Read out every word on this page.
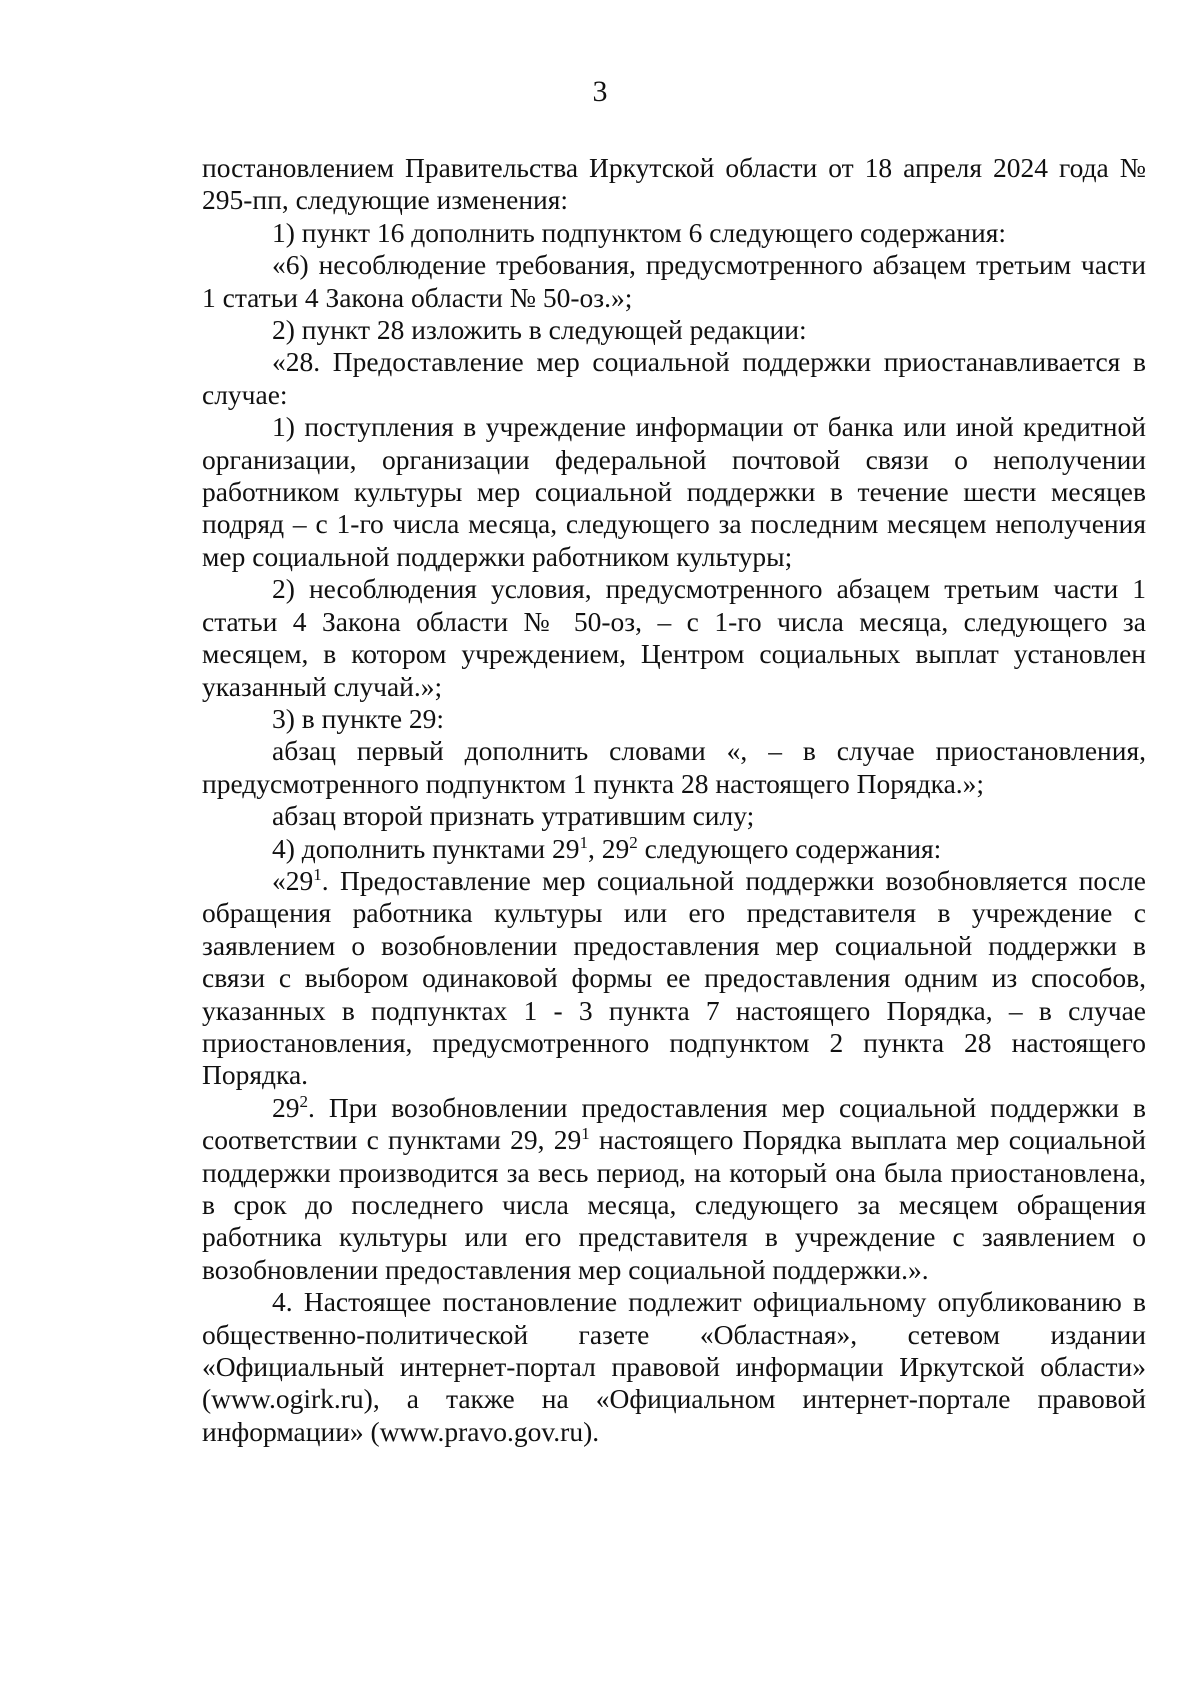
3

постановлением Правительства Иркутской области от 18 апреля 2024 года № 295-пп, следующие изменения:

1) пункт 16 дополнить подпунктом 6 следующего содержания:

«6) несоблюдение требования, предусмотренного абзацем третьим части 1 статьи 4 Закона области № 50-оз.»;

2) пункт 28 изложить в следующей редакции:

«28. Предоставление мер социальной поддержки приостанавливается в случае:

1) поступления в учреждение информации от банка или иной кредитной организации, организации федеральной почтовой связи о неполучении работником культуры мер социальной поддержки в течение шести месяцев подряд – с 1-го числа месяца, следующего за последним месяцем неполучения мер социальной поддержки работником культуры;

2) несоблюдения условия, предусмотренного абзацем третьим части 1 статьи 4 Закона области № 50-оз, – с 1-го числа месяца, следующего за месяцем, в котором учреждением, Центром социальных выплат установлен указанный случай.»;

3) в пункте 29:

абзац первый дополнить словами «, – в случае приостановления, предусмотренного подпунктом 1 пункта 28 настоящего Порядка.»;

абзац второй признать утратившим силу;

4) дополнить пунктами $29^1$, $29^2$ следующего содержания:

«$29^1$. Предоставление мер социальной поддержки возобновляется после обращения работника культуры или его представителя в учреждение с заявлением о возобновлении предоставления мер социальной поддержки в связи с выбором одинаковой формы ее предоставления одним из способов, указанных в подпунктах 1 - 3 пункта 7 настоящего Порядка, – в случае приостановления, предусмотренного подпунктом 2 пункта 28 настоящего Порядка.

$29^2$. При возобновлении предоставления мер социальной поддержки в соответствии с пунктами 29, $29^1$ настоящего Порядка выплата мер социальной поддержки производится за весь период, на который она была приостановлена, в срок до последнего числа месяца, следующего за месяцем обращения работника культуры или его представителя в учреждение с заявлением о возобновлении предоставления мер социальной поддержки.».

4. Настоящее постановление подлежит официальному опубликованию в общественно-политической газете «Областная», сетевом издании «Официальный интернет-портал правовой информации Иркутской области» (www.ogirk.ru), а также на «Официальном интернет-портале правовой информации» (www.pravo.gov.ru).
